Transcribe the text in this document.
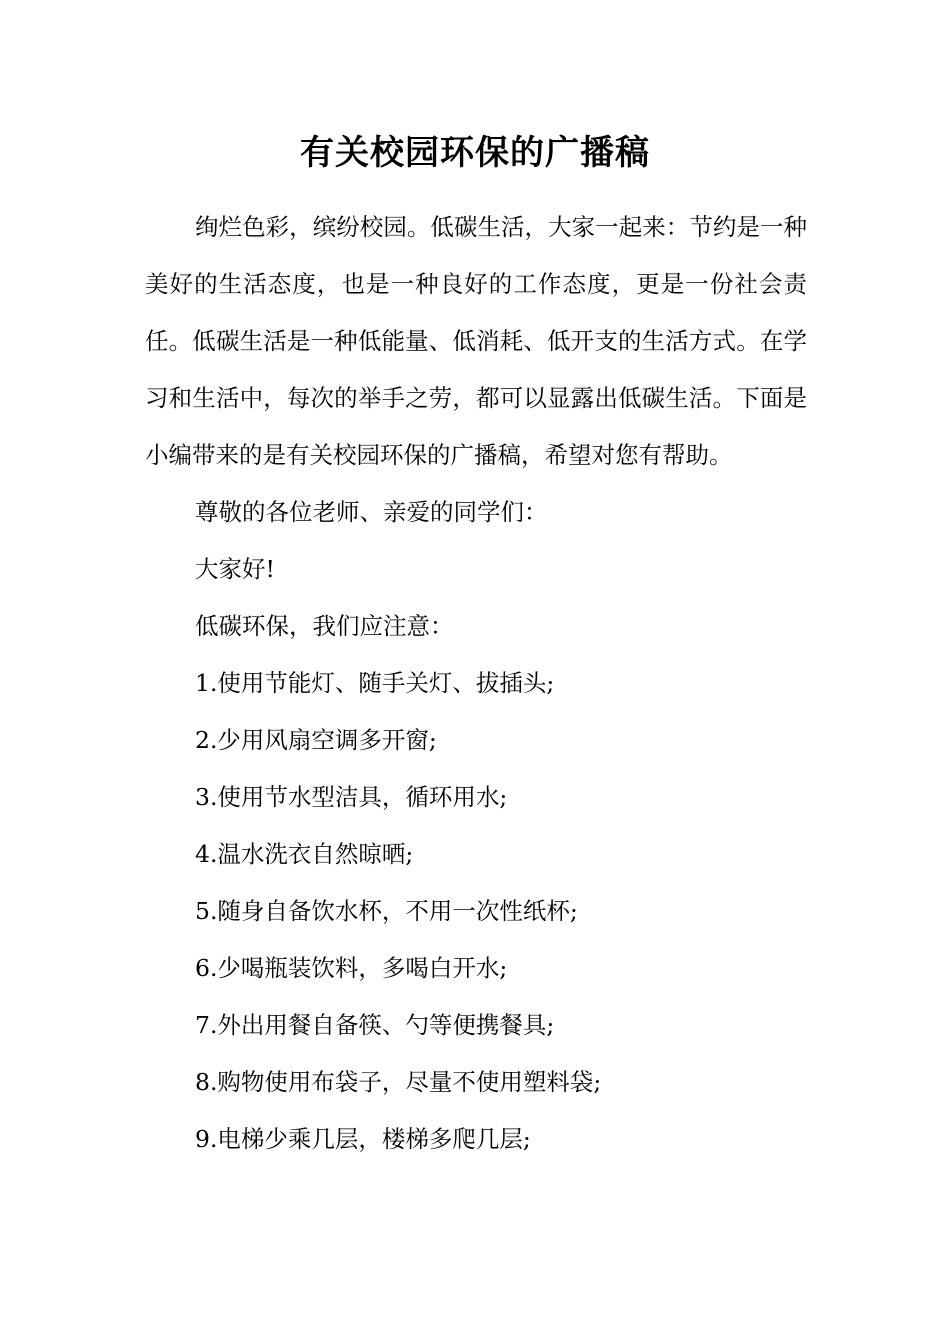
有关校园环保的广播稿

绚烂色彩，缤纷校园。低碳生活，大家一起来：节约是一种美好的生活态度，也是一种良好的工作态度，更是一份社会责任。低碳生活是一种低能量、低消耗、低开支的生活方式。在学习和生活中，每次的举手之劳，都可以显露出低碳生活。下面是小编带来的是有关校园环保的广播稿，希望对您有帮助。

尊敬的各位老师、亲爱的同学们：

大家好!

低碳环保，我们应注意：

1.使用节能灯、随手关灯、拔插头;

2.少用风扇空调多开窗;

3.使用节水型洁具，循环用水;

4.温水洗衣自然晾晒;

5.随身自备饮水杯，不用一次性纸杯;

6.少喝瓶装饮料，多喝白开水;

7.外出用餐自备筷、勺等便携餐具;

8.购物使用布袋子，尽量不使用塑料袋;

9.电梯少乘几层，楼梯多爬几层;
